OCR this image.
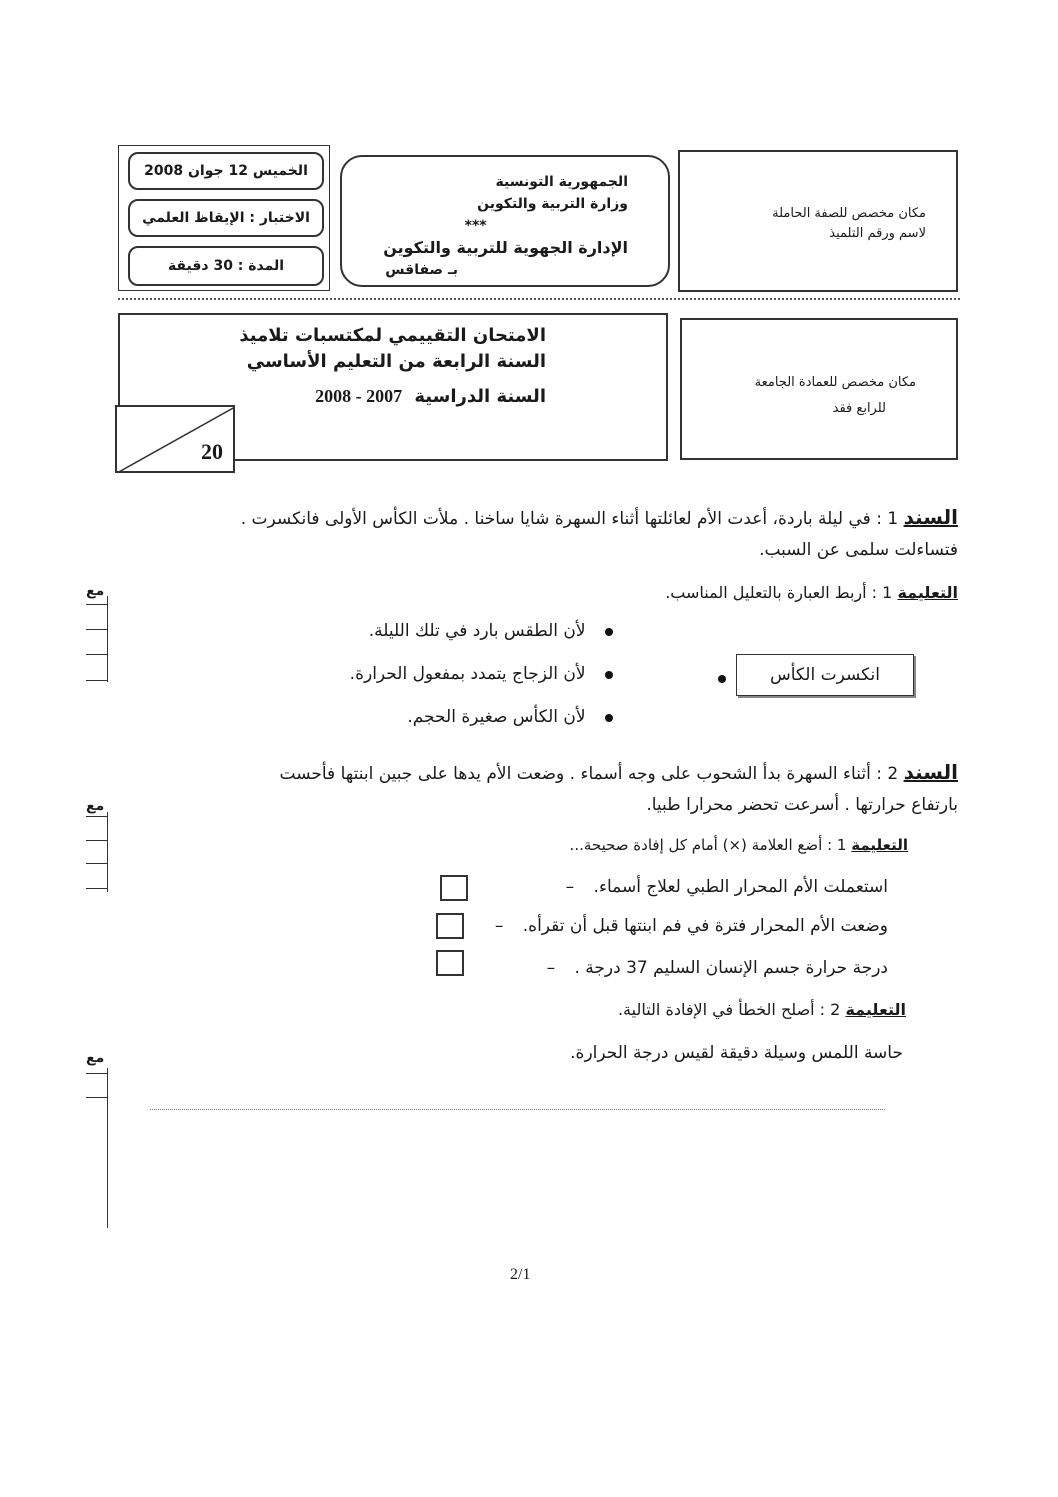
الخميس 12 جوان 2008
الاختبار : الإيقاظ العلمي
المدة : 30 دقيقة
الجمهورية التونسية
وزارة التربية والتكوين
***
الإدارة الجهوية للتربية والتكوين
بـ صفاقس
مكان مخصص للصفة الحاملة
لاسم ورقم التلميذ
الامتحان التقييمي لمكتسبات تلاميذ
السنة الرابعة من التعليم الأساسي
السنة الدراسية 2007 - 2008
20
مكان مخصص للعمادة الجامعة
للرابع فقد
السند 1 : في ليلة باردة، أعدت الأم لعائلتها أثناء السهرة شايا ساخنا . ملأت الكأس الأولى فانكسرت .
فتساءلت سلمى عن السبب.
التعليمة 1 : أربط العبارة بالتعليل المناسب.
لأن الطقس بارد في تلك الليلة.
لأن الزجاج يتمدد بمفعول الحرارة.
لأن الكأس صغيرة الحجم.
انكسرت الكأس
السند 2 : أثناء السهرة بدأ الشحوب على وجه أسماء . وضعت الأم يدها على جبين ابنتها فأحست
بارتفاع حرارتها . أسرعت تحضر محرارا طبيا.
التعليمة 1 : أضع العلامة (×) أمام كل إفادة صحيحة...
استعملت الأم المحرار الطبي لعلاج أسماء. –
وضعت الأم المحرار فترة في فم ابنتها قبل أن تقرأه. –
درجة حرارة جسم الإنسان السليم 37 درجة . –
التعليمة 2 : أصلح الخطأ في الإفادة التالية.
حاسة اللمس وسيلة دقيقة لقيس درجة الحرارة.
مع
مع
مع
2/1
